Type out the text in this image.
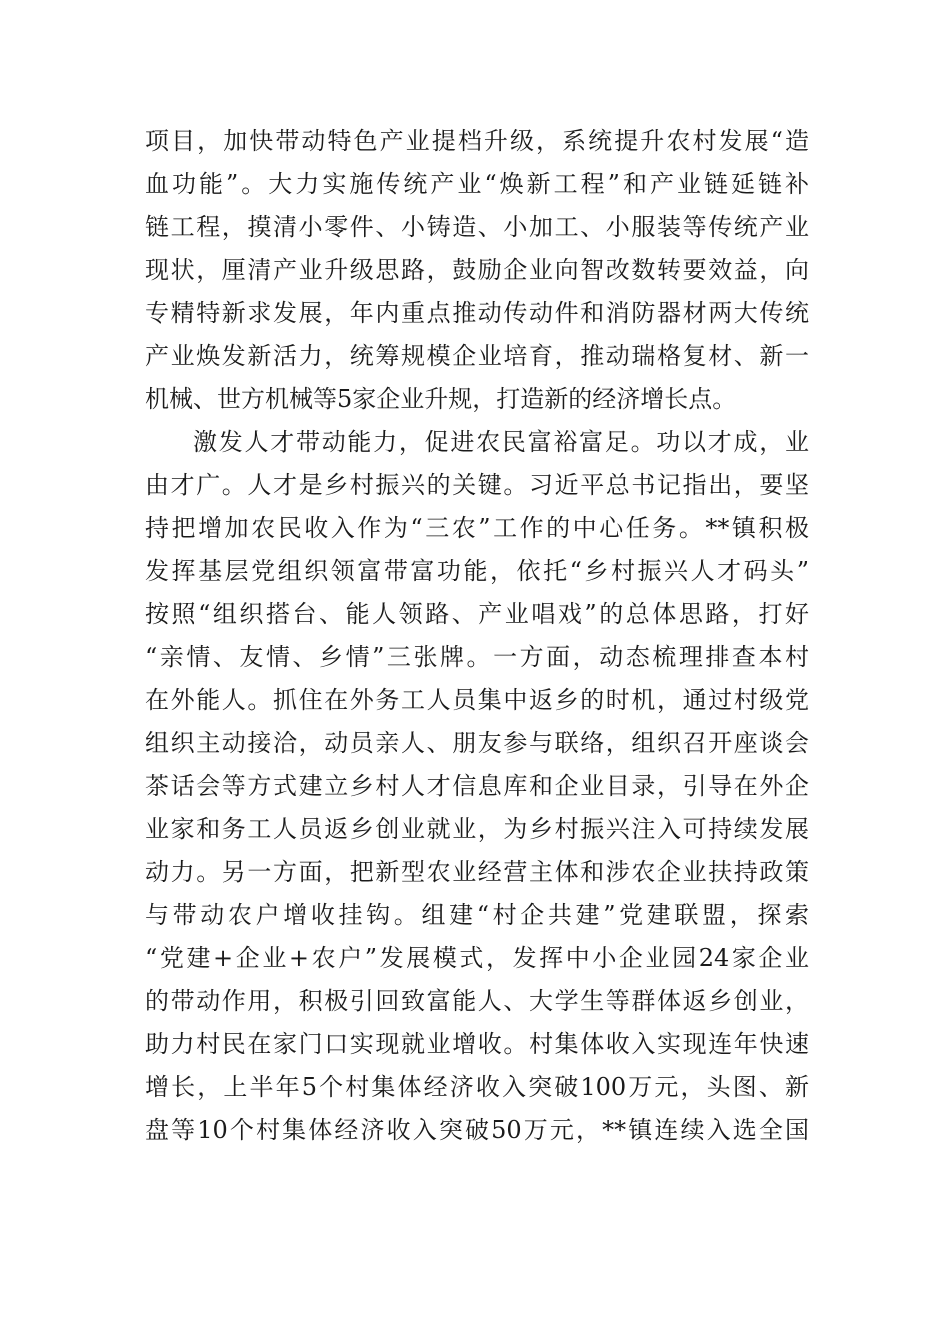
项目，加快带动特色产业提档升级，系统提升农村发展“造
血功能”。大力实施传统产业“焕新工程”和产业链延链补
链工程，摸清小零件、小铸造、小加工、小服装等传统产业
现状，厘清产业升级思路，鼓励企业向智改数转要效益，向
专精特新求发展，年内重点推动传动件和消防器材两大传统
产业焕发新活力，统筹规模企业培育，推动瑞格复材、新一
机械、世方机械等5家企业升规，打造新的经济增长点。
激发人才带动能力，促进农民富裕富足。功以才成，业
由才广。人才是乡村振兴的关键。习近平总书记指出，要坚
持把增加农民收入作为“三农”工作的中心任务。**镇积极
发挥基层党组织领富带富功能，依托“乡村振兴人才码头”
按照“组织搭台、能人领路、产业唱戏”的总体思路，打好
“亲情、友情、乡情”三张牌。一方面，动态梳理排查本村
在外能人。抓住在外务工人员集中返乡的时机，通过村级党
组织主动接洽，动员亲人、朋友参与联络，组织召开座谈会
茶话会等方式建立乡村人才信息库和企业目录，引导在外企
业家和务工人员返乡创业就业，为乡村振兴注入可持续发展
动力。另一方面，把新型农业经营主体和涉农企业扶持政策
与带动农户增收挂钩。组建“村企共建”党建联盟，探索
“党建+企业+农户”发展模式，发挥中小企业园24家企业
的带动作用，积极引回致富能人、大学生等群体返乡创业，
助力村民在家门口实现就业增收。村集体收入实现连年快速
增长，上半年5个村集体经济收入突破100万元，头图、新
盘等10个村集体经济收入突破50万元，**镇连续入选全国
